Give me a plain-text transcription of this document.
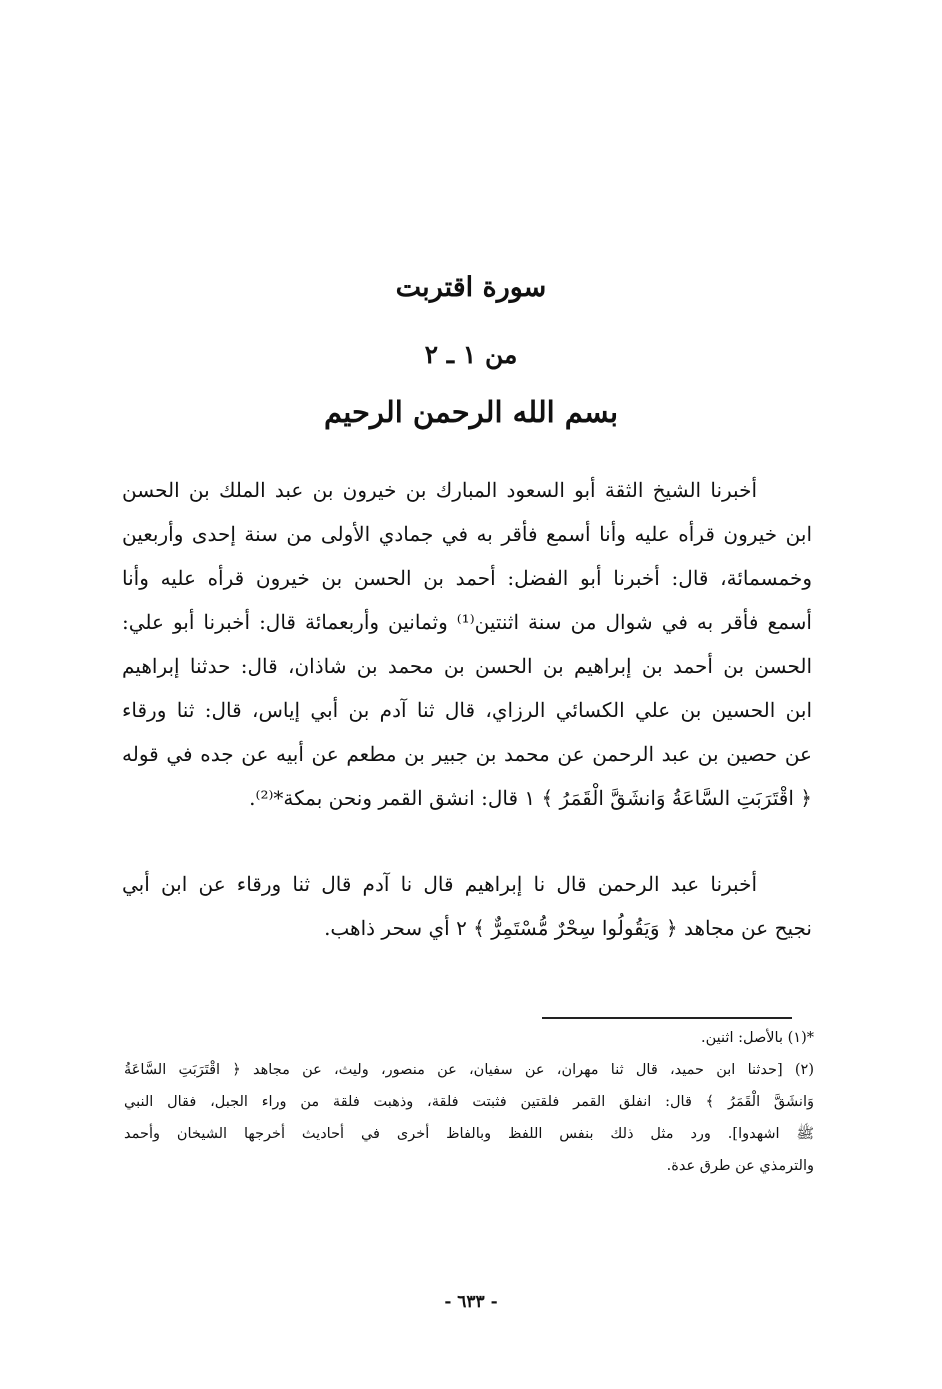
سورة اقتربت
من ١ ـ ٢
بسم الله الرحمن الرحيم
أخبرنا الشيخ الثقة أبو السعود المبارك بن خيرون بن عبد الملك بن الحسن
ابن خيرون قرأه عليه وأنا أسمع فأقر به في جمادي الأولى من سنة إحدى وأربعين
وخمسمائة، قال: أخبرنا أبو الفضل: أحمد بن الحسن بن خيرون قرأه عليه وأنا
أسمع فأقر به في شوال من سنة اثنتين⁽¹⁾ وثمانين وأربعمائة قال: أخبرنا أبو علي:
الحسن بن أحمد بن إبراهيم بن الحسن بن محمد بن شاذان، قال: حدثنا إبراهيم
ابن الحسين بن علي الكسائي الرزاي، قال ثنا آدم بن أبي إياس، قال: ثنا ورقاء
عن حصين بن عبد الرحمن عن محمد بن جبير بن مطعم عن أبيه عن جده في قوله
﴿ اقْتَرَبَتِ السَّاعَةُ وَانشَقَّ الْقَمَرُ ﴾ ١ قال: انشق القمر ونحن بمكة*⁽²⁾.
أخبرنا عبد الرحمن قال نا إبراهيم قال نا آدم قال ثنا ورقاء عن ابن أبي
نجيح عن مجاهد ﴿ وَيَقُولُوا سِحْرٌ مُّسْتَمِرٌّ ﴾ ٢ أي سحر ذاهب.
*(١) بالأصل: اثنين.
(٢) [حدثنا ابن حميد، قال ثنا مهران، عن سفيان، عن منصور، وليث، عن مجاهد ﴿ اقْتَرَبَتِ السَّاعَةُ
وَانشَقَّ الْقَمَرُ ﴾ قال: انفلق القمر فلقتين فثبتت فلقة، وذهبت فلقة من وراء الجبل، فقال النبي
ﷺ اشهدوا]. ورد مثل ذلك بنفس اللفظ وبالفاظ أخرى في أحاديث أخرجها الشيخان وأحمد
والترمذي عن طرق عدة.
- ٦٣٣ -
